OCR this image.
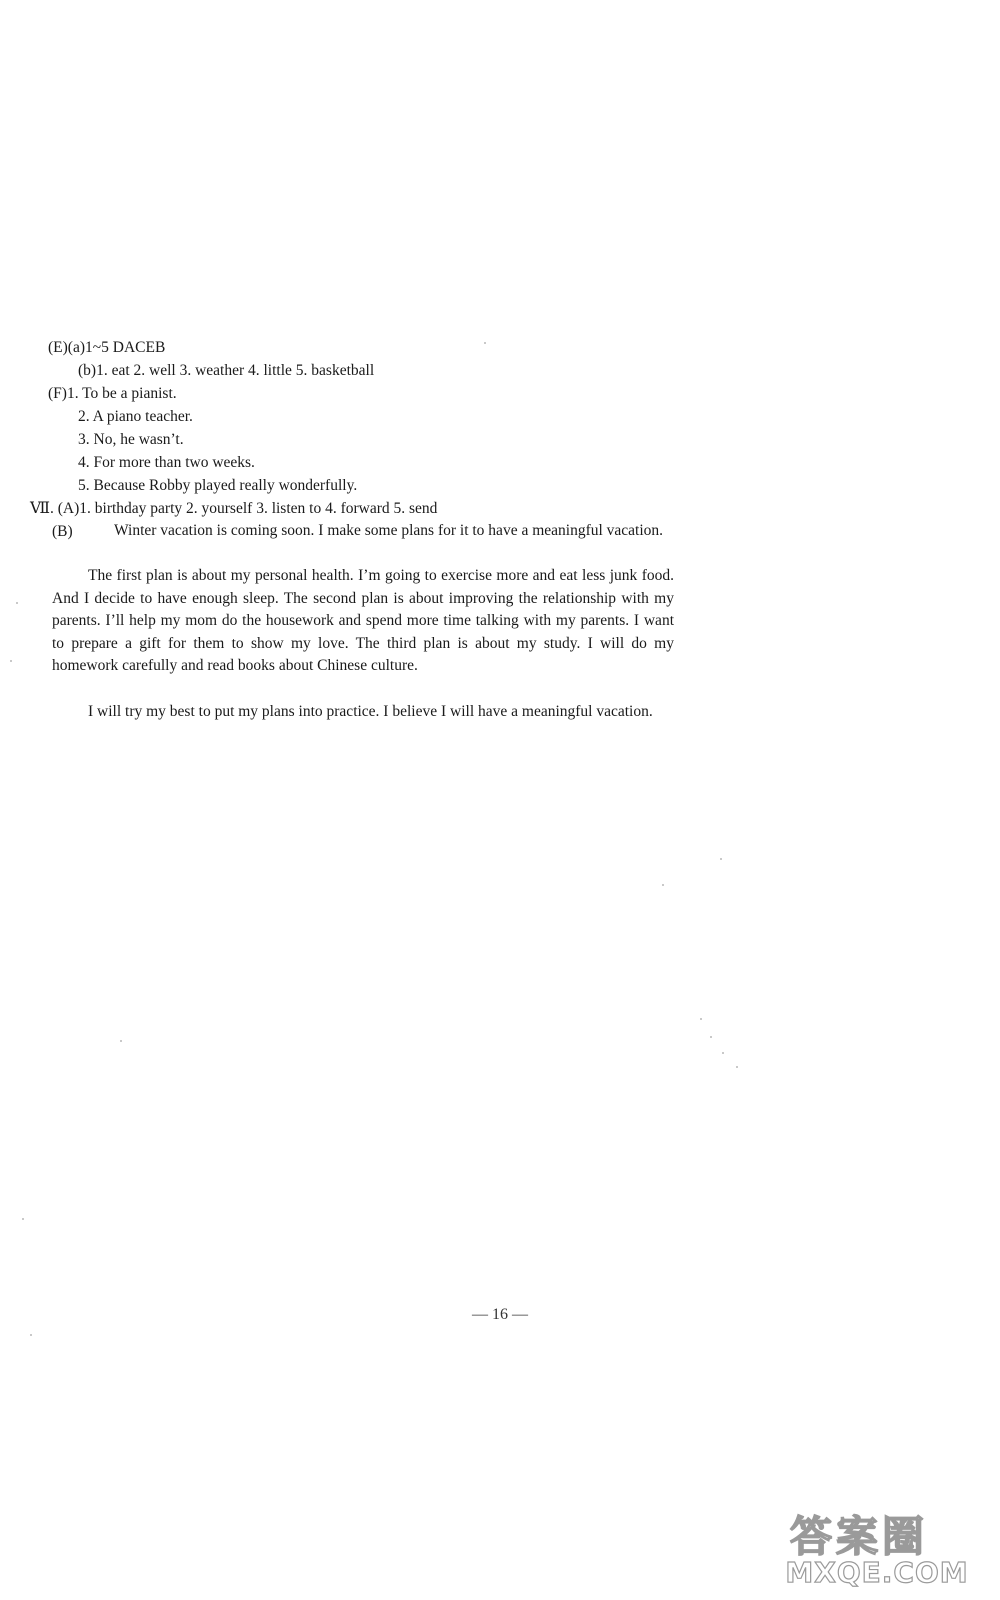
(E)(a)1~5 DACEB
(b)1. eat 2. well 3. weather 4. little 5. basketball
(F)1. To be a pianist.
2. A piano teacher.
3. No, he wasn’t.
4. For more than two weeks.
5. Because Robby played really wonderfully.
Ⅶ. (A)1. birthday party 2. yourself 3. listen to 4. forward 5. send
(B)	Winter vacation is coming soon. I make some plans for it to have a meaningful vacation.
The first plan is about my personal health. I’m going to exercise more and eat less junk food. And I decide to have enough sleep. The second plan is about improving the relationship with my parents. I’ll help my mom do the housework and spend more time talking with my parents. I want to prepare a gift for them to show my love. The third plan is about my study. I will do my homework carefully and read books about Chinese culture.
I will try my best to put my plans into practice. I believe I will have a meaningful vacation.
— 16 —
答案圈
MXQE.COM
